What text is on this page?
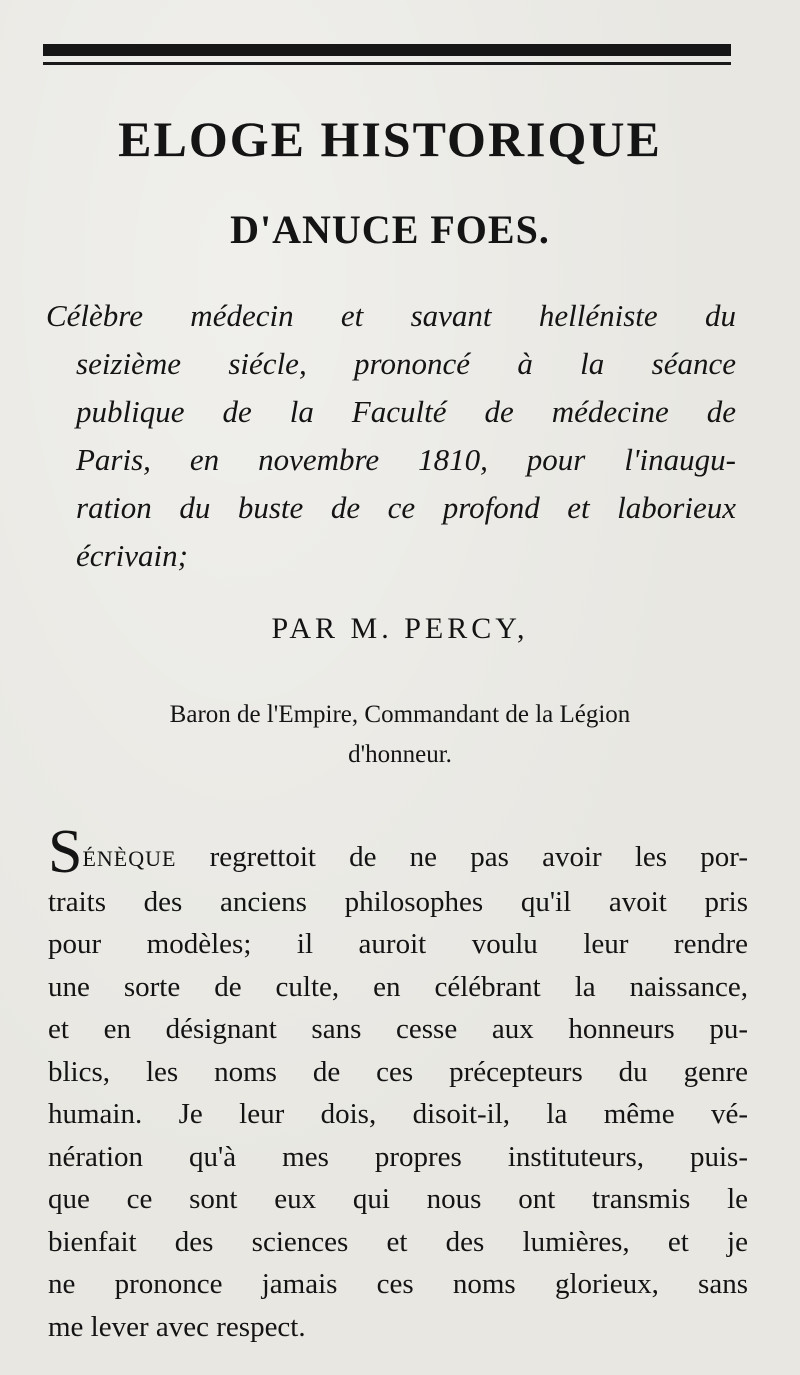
ELOGE HISTORIQUE
D'ANUCE FOES.

Célèbre médecin et savant helléniste du
seizième siécle, prononcé à la séance
publique de la Faculté de médecine de
Paris, en novembre 1810, pour l'inaugu-
ration du buste de ce profond et laborieux
écrivain;

PAR M. PERCY,

Baron de l'Empire, Commandant de la Légion
d'honneur.

SÉNÈQUE regrettoit de ne pas avoir les por-
traits des anciens philosophes qu'il avoit pris
pour modèles; il auroit voulu leur rendre
une sorte de culte, en célébrant la naissance,
et en désignant sans cesse aux honneurs pu-
blics, les noms de ces précepteurs du genre
humain. Je leur dois, disoit-il, la même vé-
nération qu'à mes propres instituteurs, puis-
que ce sont eux qui nous ont transmis le
bienfait des sciences et des lumières, et je
ne prononce jamais ces noms glorieux, sans
me lever avec respect.
